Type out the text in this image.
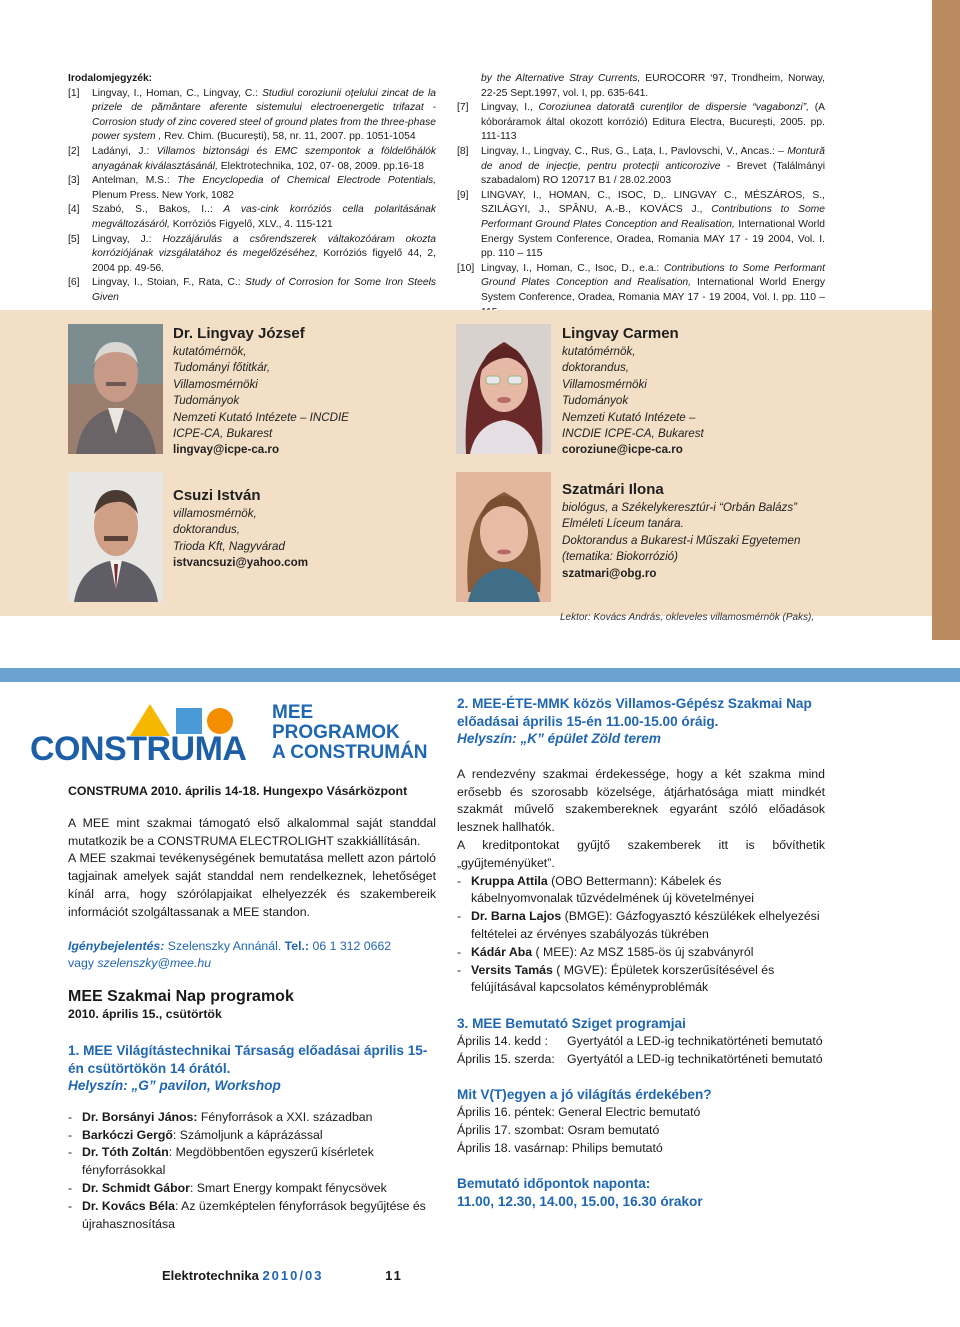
Irodalomjegyzék:
[1] Lingvay, I., Homan, C., Lingvay, C.: Studiul coroziunii oțelului zincat de la prizele de pământare aferente sistemului electroenergetic trifazat - Corrosion study of zinc covered steel of ground plates from the three-phase power system , Rev. Chim. (București), 58, nr. 11, 2007. pp. 1051-1054
[2] Ladányi, J.: Villamos biztonsági és EMC szempontok a földelőhálók anyagának kiválasztásánál, Elektrotechnika, 102, 07- 08, 2009. pp.16-18
[3] Antelman, M.S.: The Encyclopedia of Chemical Electrode Potentials, Plenum Press. New York, 1082
[4] Szabó, S., Bakos, I..: A vas-cink korróziós cella polaritásának megváltozásáról, Korróziós Figyelő, XLV., 4. 115-121
[5] Lingvay, J.: Hozzájárulás a csőrendszerek váltakozóáram okozta korróziójának vizsgálatához és megelőzéséhez, Korróziós figyelő 44, 2, 2004 pp. 49-56.
[6] Lingvay, I., Stoian, F., Rata, C.: Study of Corrosion for Some Iron Steels Given
by the Alternative Stray Currents, EUROCORR ‘97, Trondheim, Norway, 22-25 Sept.1997, vol. I, pp. 635-641.
[7] Lingvay, I., Coroziunea datorată curenților de dispersie “vagabonzi”, (A kóboráramok által okozott korrózió) Editura Electra, București, 2005. pp. 111-113
[8] Lingvay, I., Lingvay, C., Rus, G., Lața, I., Pavlovschi, V., Ancas.: – Montură de anod de injecție, pentru protecții anticorozive - Brevet (Találmányi szabadalom) RO 120717 B1 / 28.02.2003
[9] LINGVAY, I., HOMAN, C., ISOC, D,. LINGVAY C., MÉSZÁROS, S., SZILÁGYI, J., SPÂNU, A.-B., KOVÁCS J., Contributions to Some Performant Ground Plates Conception and Realisation, International World Energy System Conference, Oradea, Romania MAY 17 - 19 2004, Vol. I. pp. 110 – 115
[10] Lingvay, I., Homan, C., Isoc, D., e.a.: Contributions to Some Performant Ground Plates Conception and Realisation, International World Energy System Conference, Oradea, Romania MAY 17 - 19 2004, Vol. I. pp. 110 –
Dr. Lingvay József
kutatómérnök,
Tudományi főtitkár,
Villamosmérnöki
Tudományok
Nemzeti Kutató Intézete – INCDIE
ICPE-CA, Bukarest
lingvay@icpe-ca.ro
Lingvay Carmen
kutatómérnök,
doktorandus,
Villamosmérnöki
Tudományok
Nemzeti Kutató Intézete –
INCDIE ICPE-CA, Bukarest
coroziune@icpe-ca.ro
Csuzi István
villamosmérnök,
doktorandus,
Trioda Kft, Nagyvárad
istvancsuzi@yahoo.com
Szatmári Ilona
biológus, a Székelykeresztúr-i “Orbán Balázs”
Elméleti Líceum tanára.
Doktorandus a Bukarest-i Műszaki Egyetemen
(tematika: Biokorrózió)
szatmari@obg.ro
Lektor: Kovács András, okleveles villamosmérnök (Paks),
CONSTRUMA
MEE
PROGRAMOK
A CONSTRUMÁN
CONSTRUMA 2010. április 14-18. Hungexpo Vásárközpont

A MEE mint szakmai támogató első alkalommal saját standdal mutatkozik be a CONSTRUMA ELECTROLIGHT szakkiállításán.

A MEE szakmai tevékenységének bemutatása mellett azon pártoló tagjainak amelyek saját standdal nem rendelkeznek, lehetőséget kínál arra, hogy szórólapjaikat elhelyezzék és szakembereik információt szolgáltassanak a MEE standon.

Igénybejelentés: Szelenszky Annánál. Tel.: 06 1 312 0662
vagy szelenszky@mee.hu
MEE Szakmai Nap programok
2010. április 15., csütörtök
1. MEE Világítástechnikai Társaság előadásai április 15-én csütörtökön 14 órától.
Helyszín: „G” pavilon, Workshop
- Dr. Borsányi János: Fényforrások a XXI. században
- Barkóczi Gergő: Számoljunk a káprázással
- Dr. Tóth Zoltán: Megdöbbentően egyszerű kísérletek fényforrásokkal
- Dr. Schmidt Gábor: Smart Energy kompakt fénycsövek
- Dr. Kovács Béla: Az üzemképtelen fényforrások begyűjtése és újrahasznosítása
2. MEE-ÉTE-MMK közös Villamos-Gépész Szakmai Nap előadásai április 15-én 11.00-15.00 óráig.
Helyszín: „K” épület Zöld terem

A rendezvény szakmai érdekessége, hogy a két szakma mind erősebb és szorosabb közelsége, átjárhatósága miatt mindkét szakmát művelő szakembereknek egyaránt szóló előadások lesznek hallhatók.

A kreditpontokat gyűjtő szakemberek itt is bővíthetik „gyűjteményüket”.

- Kruppa Attila (OBO Bettermann): Kábelek és kábelnyomvonalak tűzvédelmének új követelményei
- Dr. Barna Lajos (BMGE): Gázfogyasztó készülékek elhelyezési feltételei az érvényes szabályozás tükrében
- Kádár Aba ( MEE): Az MSZ 1585-ös új szabványról
- Versits Tamás ( MGVE): Épületek korszerűsítésével és felújításával kapcsolatos kéményproblémák
3. MEE Bemutató Sziget programjai
Április 14. kedd :	Gyertyától a LED-ig technikatörténeti bemutató
Április 15. szerda: Gyertyától a LED-ig technikatörténeti bemutató
Mit V(T)egyen a jó világítás érdekében?
Április 16. péntek: General Electric bemutató
Április 17. szombat: Osram bemutató
Április 18. vasárnap: Philips bemutató
Bemutató időpontok naponta:
11.00, 12.30, 14.00, 15.00, 16.30 órakor
Elektrotechnika 2010/03	11
